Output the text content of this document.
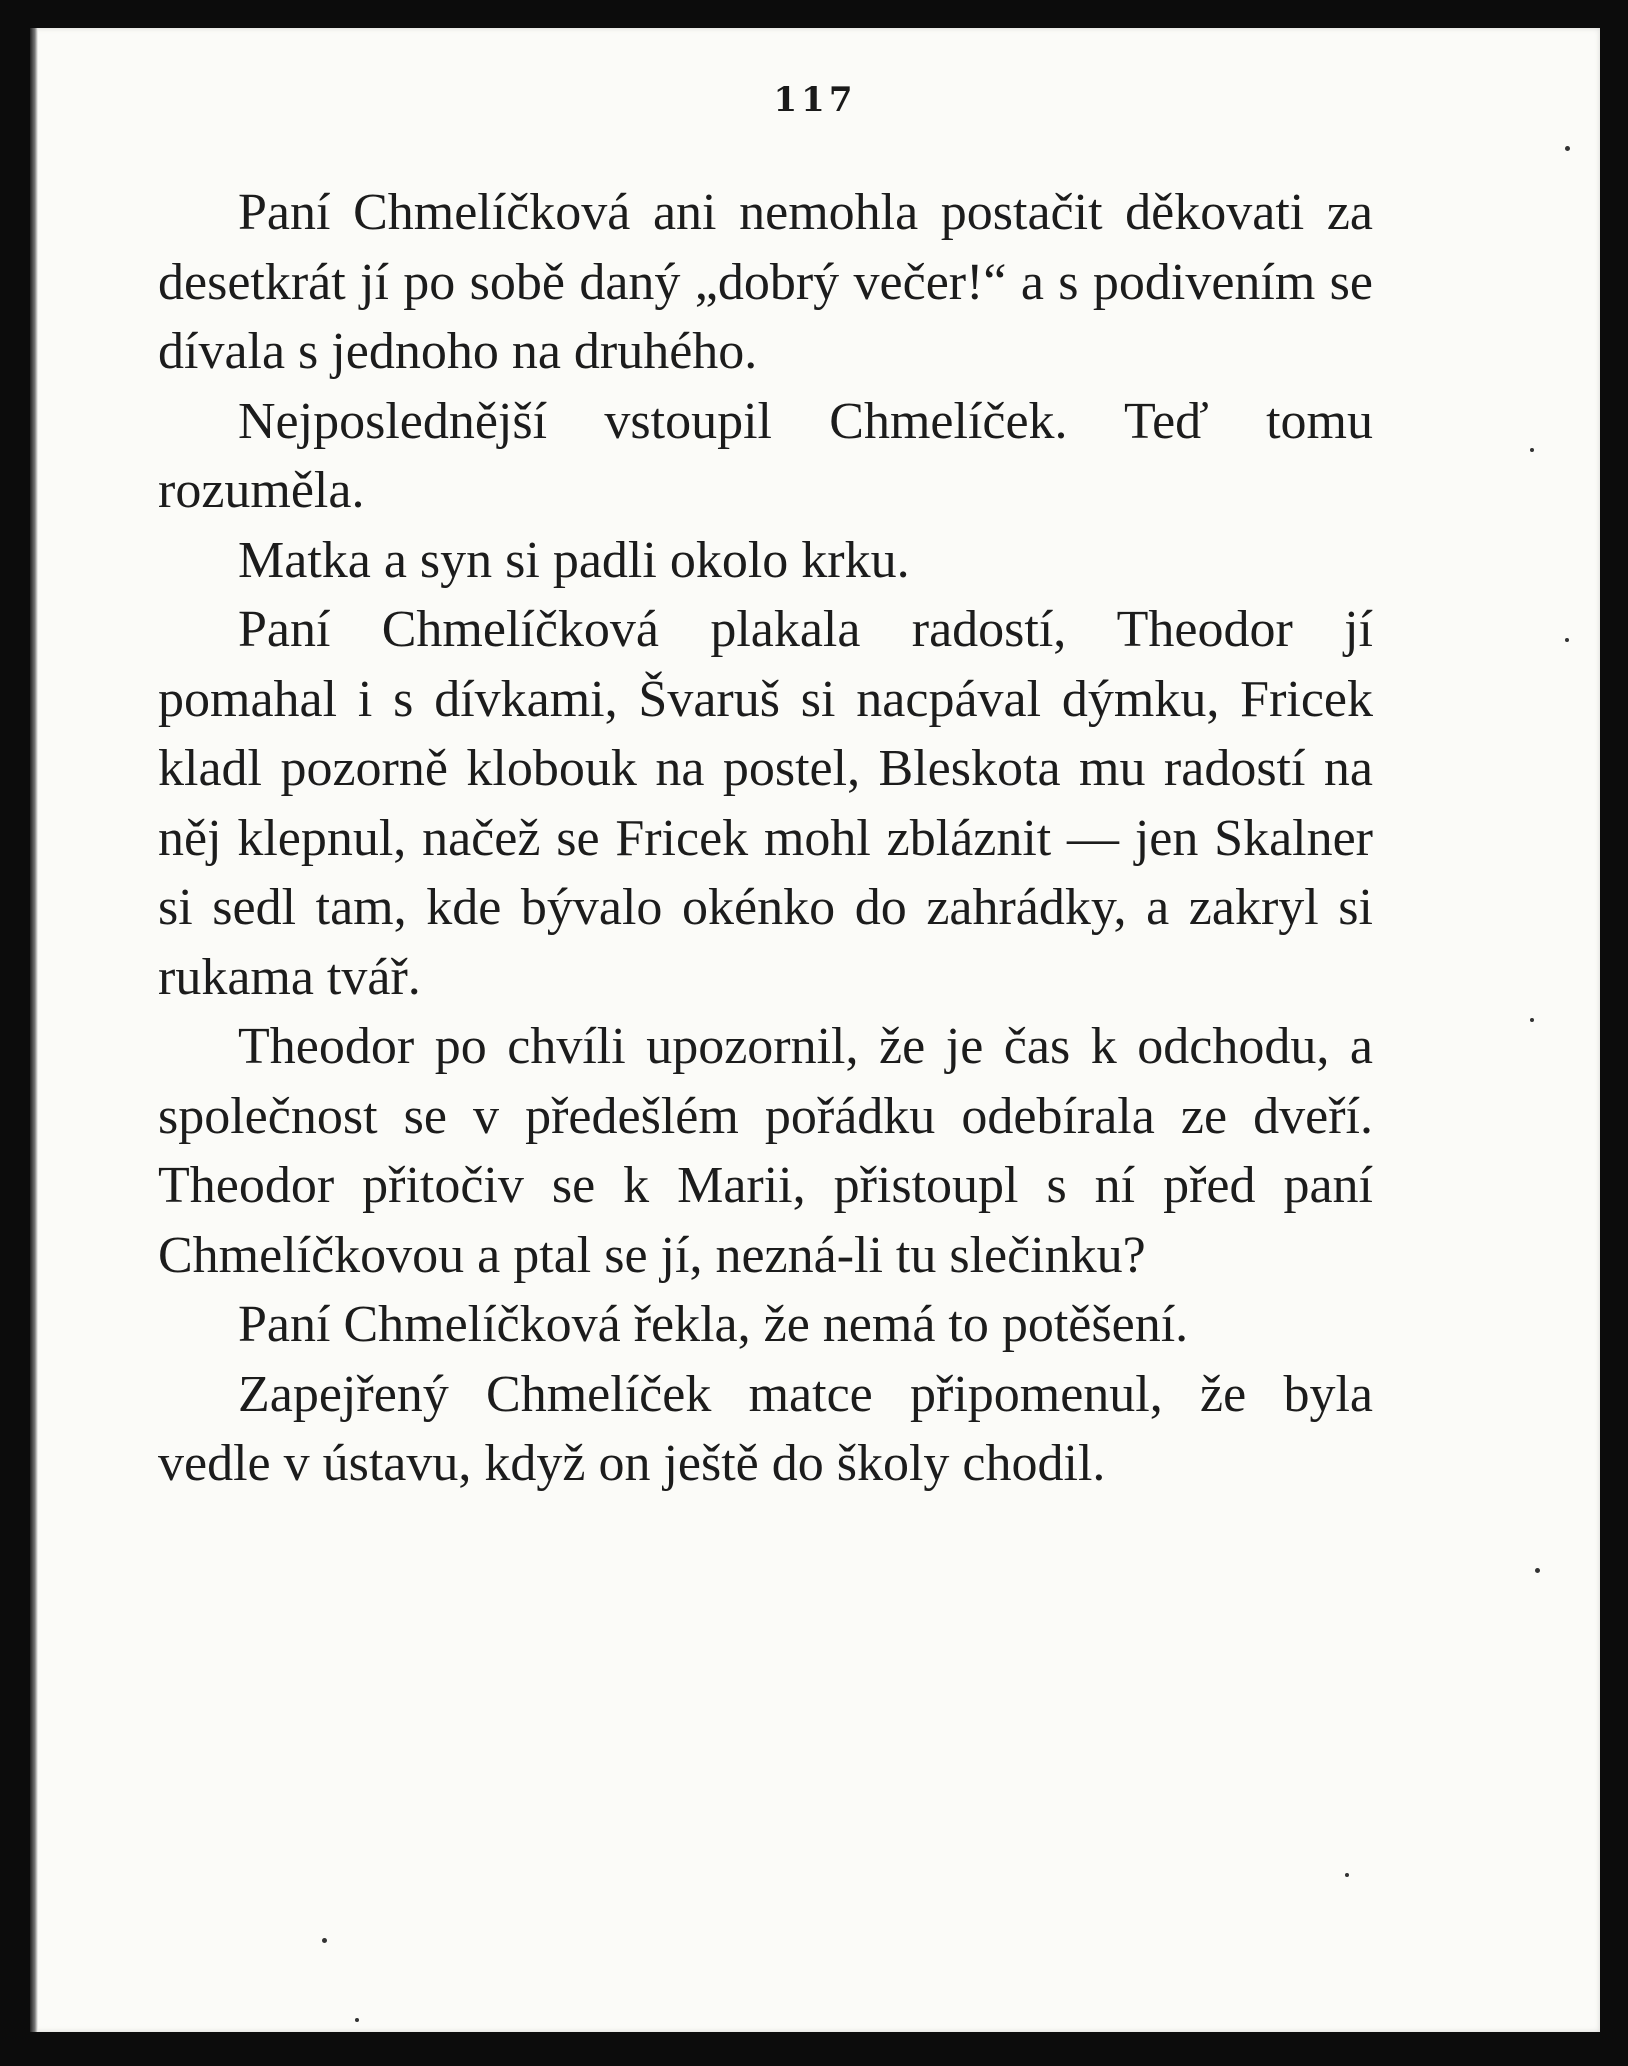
117

Paní Chmelíčková ani nemohla postačit děkovati za desetkrát jí po sobě daný „dobrý večer!“ a s podivením se dívala s jednoho na druhého.

Nejposlednější vstoupil Chmelíček. Teď tomu rozuměla.

Matka a syn si padli okolo krku.

Paní Chmelíčková plakala radostí, Theodor jí pomahal i s dívkami, Švaruš si nacpával dýmku, Fricek kladl pozorně klobouk na postel, Bleskota mu radostí na něj klepnul, načež se Fricek mohl zbláznit — jen Skalner si sedl tam, kde bývalo okénko do zahrádky, a zakryl si rukama tvář.

Theodor po chvíli upozornil, že je čas k odchodu, a společnost se v předešlém pořádku odebírala ze dveří. Theodor přitočiv se k Marii, přistoupl s ní před paní Chmelíčkovou a ptal se jí, nezná-li tu slečinku?

Paní Chmelíčková řekla, že nemá to potěšení.

Zapejřený Chmelíček matce připomenul, že byla vedle v ústavu, když on ještě do školy chodil.
